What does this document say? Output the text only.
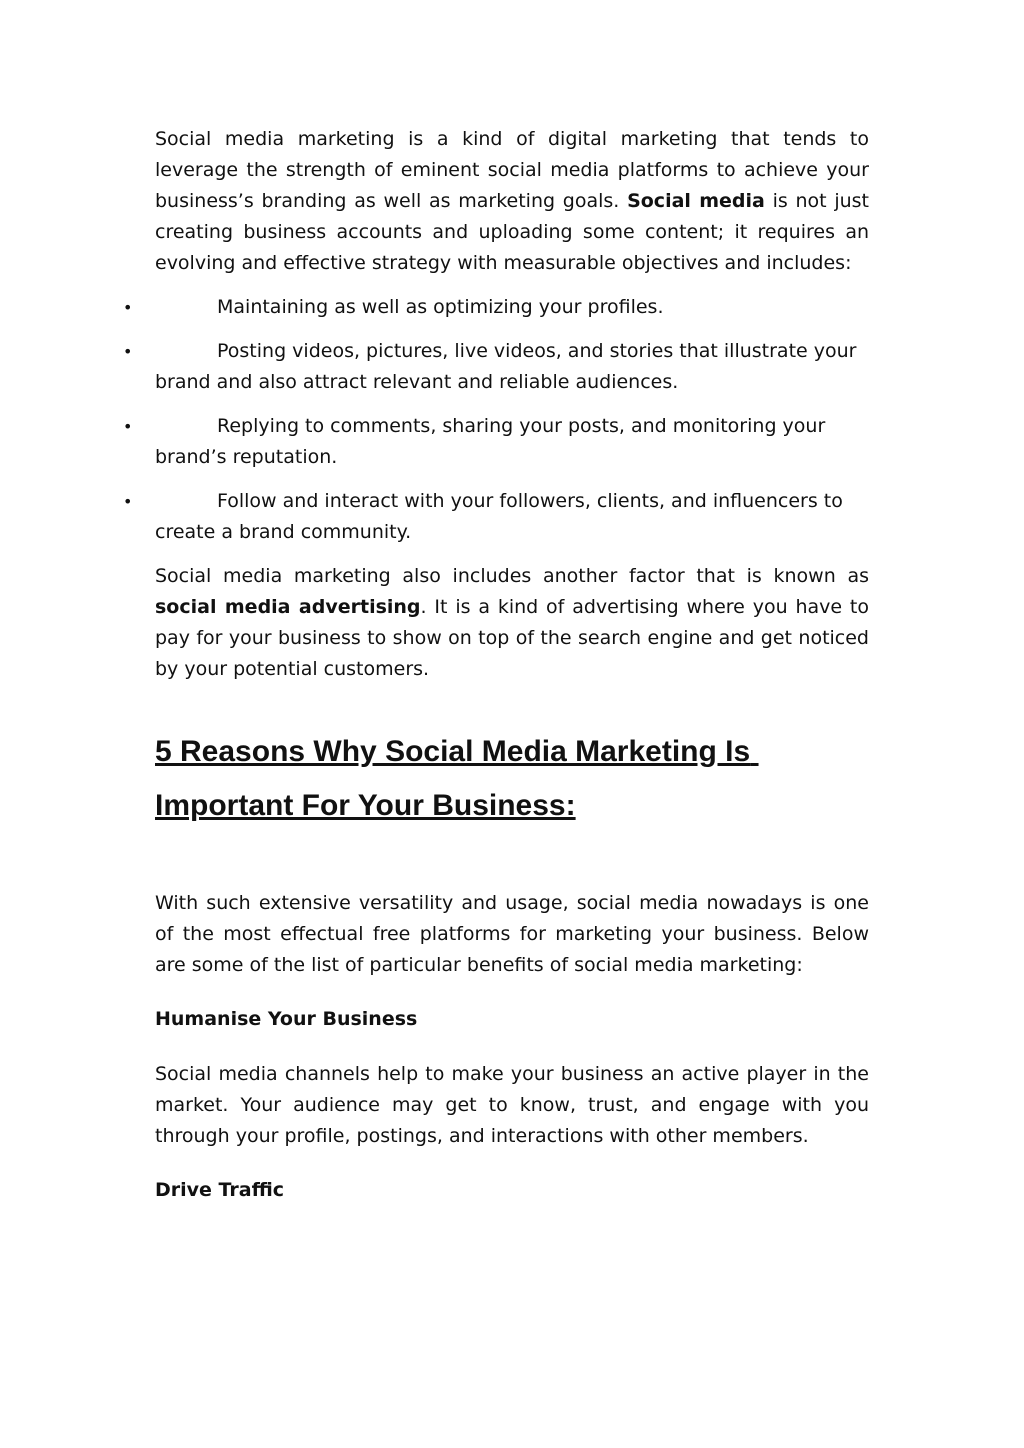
Social media marketing is a kind of digital marketing that tends to leverage the strength of eminent social media platforms to achieve your business’s branding as well as marketing goals. Social media is not just creating business accounts and uploading some content; it requires an evolving and effective strategy with measurable objectives and includes:

•	Maintaining as well as optimizing your profiles.
•	Posting videos, pictures, live videos, and stories that illustrate your brand and also attract relevant and reliable audiences.
•	Replying to comments, sharing your posts, and monitoring your brand’s reputation.
•	Follow and interact with your followers, clients, and influencers to create a brand community.

Social media marketing also includes another factor that is known as social media advertising. It is a kind of advertising where you have to pay for your business to show on top of the search engine and get noticed by your potential customers.

5 Reasons Why Social Media Marketing Is
Important For Your Business:

With such extensive versatility and usage, social media nowadays is one of the most effectual free platforms for marketing your business. Below are some of the list of particular benefits of social media marketing:

Humanise Your Business

Social media channels help to make your business an active player in the market. Your audience may get to know, trust, and engage with you through your profile, postings, and interactions with other members.

Drive Traffic
